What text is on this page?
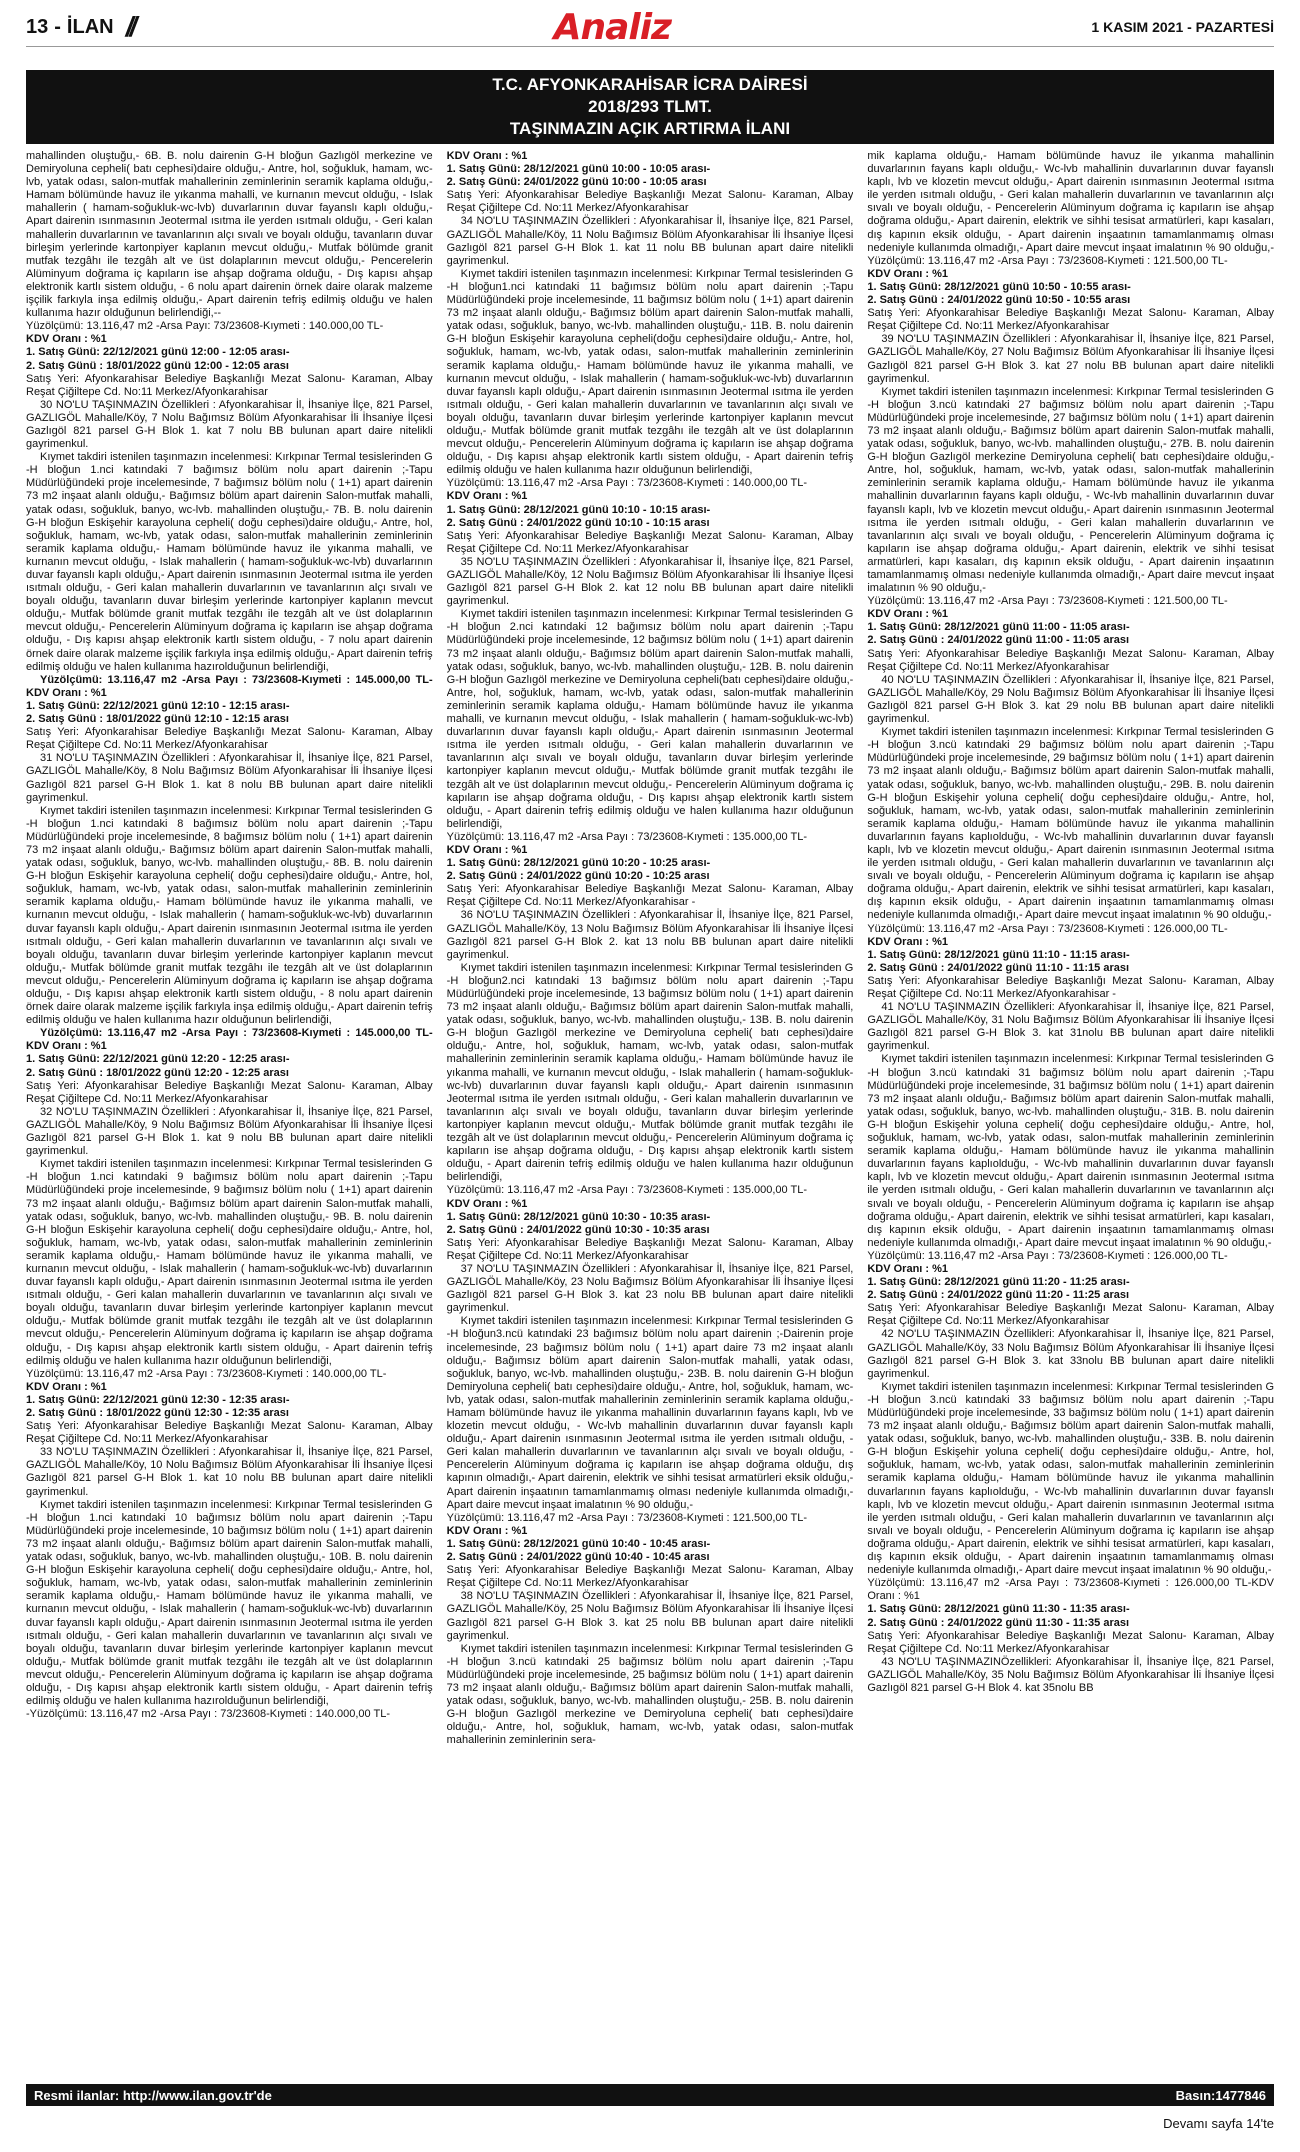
13 - İLAN //	Analiz	1 KASIM 2021 - PAZARTESİ
T.C. AFYONKARAHİSAR İCRA DAİRESİ
2018/293 TLMT.
TAŞINMAZIN AÇIK ARTIRMA İLANI

mahallinden oluştuğu,- 6B. B. nolu dairenin G-H bloğun Gazlıgöl merkezine ve Demiryoluna cepheli( batı cephesi)daire olduğu,- Antre, hol, soğukluk, hamam, wc-lvb, yatak odası, salon-mutfak mahallerinin zeminlerinin seramik kaplama olduğu,- Hamam bölümünde havuz ile yıkanma mahalli, ve kurnanın mevcut olduğu, - Islak mahallerin ( hamam-soğukluk-wc-lvb) duvarlarının duvar fayanslı kaplı olduğu,- Apart dairenin ısınmasının Jeotermal ısıtma ile yerden ısıtmalı olduğu, - Geri kalan mahallerin duvarlarının ve tavanlarının alçı sıvalı ve boyalı olduğu, tavanların duvar birleşim yerlerinde kartonpiyer kaplanın mevcut olduğu,- Mutfak bölümde granit mutfak tezgâhı ile tezgâh alt ve üst dolaplarının mevcut olduğu,- Pencerelerin Alüminyum doğrama iç kapıların ise ahşap doğrama olduğu, - Dış kapısı ahşap elektronik kartlı sistem olduğu, - 6 nolu apart dairenin örnek daire olarak malzeme işçilik farkıyla inşa edilmiş olduğu,- Apart dairenin tefriş edilmiş olduğu ve halen kullanıma hazır olduğunun belirlendiği,--

Yüzölçümü: 13.116,47 m2 -Arsa Payı: 73/23608-Kıymeti : 140.000,00 TL-

KDV Oranı : %1

1. Satış Günü: 22/12/2021 günü 12:00 - 12:05 arası-

2. Satış Günü : 18/01/2022 günü 12:00 - 12:05 arası

Satış Yeri: Afyonkarahisar Belediye Başkanlığı Mezat Salonu- Karaman, Albay Reşat Çiğiltepe Cd. No:11 Merkez/Afyonkarahisar

30 NO'LU TAŞINMAZIN Özellikleri : Afyonkarahisar İl, İhsaniye İlçe, 821 Parsel, GAZLIGÖL Mahalle/Köy, 7 Nolu Bağımsız Bölüm Afyonkarahisar İli İhsaniye İlçesi Gazlıgöl 821 parsel G-H Blok 1. kat 7 nolu BB bulunan apart daire nitelikli gayrimenkul.

Kıymet takdiri istenilen taşınmazın incelenmesi: Kırkpınar Termal tesislerinden G -H bloğun 1.nci katındaki 7 bağımsız bölüm nolu apart dairenin ;-Tapu Müdürlüğündeki proje incelemesinde, 7 bağımsız bölüm nolu ( 1+1) apart dairenin 73 m2 inşaat alanlı olduğu,- Bağımsız bölüm apart dairenin Salon-mutfak mahalli, yatak odası, soğukluk, banyo, wc-lvb. mahallinden oluştuğu,- 7B. B. nolu dairenin G-H bloğun Eskişehir karayoluna cepheli( doğu cephesi)daire olduğu,- Antre, hol, soğukluk, hamam, wc-lvb, yatak odası, salon-mutfak mahallerinin zeminlerinin seramik kaplama olduğu,- Hamam bölümünde havuz ile yıkanma mahalli, ve kurnanın mevcut olduğu, - Islak mahallerin ( hamam-soğukluk-wc-lvb) duvarlarının duvar fayanslı kaplı olduğu,- Apart dairenin ısınmasının Jeotermal ısıtma ile yerden ısıtmalı olduğu, - Geri kalan mahallerin duvarlarının ve tavanlarının alçı sıvalı ve boyalı olduğu, tavanların duvar birleşim yerlerinde kartonpiyer kaplanın mevcut olduğu,- Mutfak bölümde granit mutfak tezgâhı ile tezgâh alt ve üst dolaplarının mevcut olduğu,- Pencerelerin Alüminyum doğrama iç kapıların ise ahşap doğrama olduğu, - Dış kapısı ahşap elektronik kartlı sistem olduğu, - 7 nolu apart dairenin örnek daire olarak malzeme işçilik farkıyla inşa edilmiş olduğu,- Apart dairenin tefriş edilmiş olduğu ve halen kullanıma hazırolduğunun belirlendiği,

Yüzölçümü: 13.116,47 m2 -Arsa Payı : 73/23608-Kıymeti : 145.000,00 TL-KDV Oranı : %1

1. Satış Günü: 22/12/2021 günü 12:10 - 12:15 arası-

2. Satış Günü : 18/01/2022 günü 12:10 - 12:15 arası

Satış Yeri: Afyonkarahisar Belediye Başkanlığı Mezat Salonu- Karaman, Albay Reşat Çiğiltepe Cd. No:11 Merkez/Afyonkarahisar

31 NO'LU TAŞINMAZIN Özellikleri : Afyonkarahisar İl, İhsaniye İlçe, 821 Parsel, GAZLIGÖL Mahalle/Köy, 8 Nolu Bağımsız Bölüm Afyonkarahisar İli İhsaniye İlçesi Gazlıgöl 821 parsel G-H Blok 1. kat 8 nolu BB bulunan apart daire nitelikli gayrimenkul.

Kıymet takdiri istenilen taşınmazın incelenmesi: Kırkpınar Termal tesislerinden G -H bloğun 1.nci katındaki 8 bağımsız bölüm nolu apart dairenin ;-Tapu Müdürlüğündeki proje incelemesinde, 8 bağımsız bölüm nolu ( 1+1) apart dairenin 73 m2 inşaat alanlı olduğu,- Bağımsız bölüm apart dairenin Salon-mutfak mahalli, yatak odası, soğukluk, banyo, wc-lvb. mahallinden oluştuğu,- 8B. B. nolu dairenin G-H bloğun Eskişehir karayoluna cepheli( doğu cephesi)daire olduğu,- Antre, hol, soğukluk, hamam, wc-lvb, yatak odası, salon-mutfak mahallerinin zeminlerinin seramik kaplama olduğu,- Hamam bölümünde havuz ile yıkanma mahalli, ve kurnanın mevcut olduğu, - Islak mahallerin ( hamam-soğukluk-wc-lvb) duvarlarının duvar fayanslı kaplı olduğu,- Apart dairenin ısınmasının Jeotermal ısıtma ile yerden ısıtmalı olduğu, - Geri kalan mahallerin duvarlarının ve tavanlarının alçı sıvalı ve boyalı olduğu, tavanların duvar birleşim yerlerinde kartonpiyer kaplanın mevcut olduğu,- Mutfak bölümde granit mutfak tezgâhı ile tezgâh alt ve üst dolaplarının mevcut olduğu,- Pencerelerin Alüminyum doğrama iç kapıların ise ahşap doğrama olduğu, - Dış kapısı ahşap elektronik kartlı sistem olduğu, - 8 nolu apart dairenin örnek daire olarak malzeme işçilik farkıyla inşa edilmiş olduğu,- Apart dairenin tefriş edilmiş olduğu ve halen kullanıma hazır olduğunun belirlendiği,

Yüzölçümü: 13.116,47 m2 -Arsa Payı : 73/23608-Kıymeti : 145.000,00 TL-KDV Oranı : %1

1. Satış Günü: 22/12/2021 günü 12:20 - 12:25 arası-

2. Satış Günü : 18/01/2022 günü 12:20 - 12:25 arası

Satış Yeri: Afyonkarahisar Belediye Başkanlığı Mezat Salonu- Karaman, Albay Reşat Çiğiltepe Cd. No:11 Merkez/Afyonkarahisar

32 NO'LU TAŞINMAZIN Özellikleri : Afyonkarahisar İl, İhsaniye İlçe, 821 Parsel, GAZLIGÖL Mahalle/Köy, 9 Nolu Bağımsız Bölüm Afyonkarahisar İli İhsaniye İlçesi Gazlıgöl 821 parsel G-H Blok 1. kat 9 nolu BB bulunan apart daire nitelikli gayrimenkul.

Kıymet takdiri istenilen taşınmazın incelenmesi: Kırkpınar Termal tesislerinden G -H bloğun 1.nci katındaki 9 bağımsız bölüm nolu apart dairenin ;-Tapu Müdürlüğündeki proje incelemesinde, 9 bağımsız bölüm nolu ( 1+1) apart dairenin 73 m2 inşaat alanlı olduğu,- Bağımsız bölüm apart dairenin Salon-mutfak mahalli, yatak odası, soğukluk, banyo, wc-lvb. mahallinden oluştuğu,- 9B. B. nolu dairenin G-H bloğun Eskişehir karayoluna cepheli( doğu cephesi)daire olduğu,- Antre, hol, soğukluk, hamam, wc-lvb, yatak odası, salon-mutfak mahallerinin zeminlerinin seramik kaplama olduğu,- Hamam bölümünde havuz ile yıkanma mahalli, ve kurnanın mevcut olduğu, - Islak mahallerin ( hamam-soğukluk-wc-lvb) duvarlarının duvar fayanslı kaplı olduğu,- Apart dairenin ısınmasının Jeotermal ısıtma ile yerden ısıtmalı olduğu, - Geri kalan mahallerin duvarlarının ve tavanlarının alçı sıvalı ve boyalı olduğu, tavanların duvar birleşim yerlerinde kartonpiyer kaplanın mevcut olduğu,- Mutfak bölümde granit mutfak tezgâhı ile tezgâh alt ve üst dolaplarının mevcut olduğu,- Pencerelerin Alüminyum doğrama iç kapıların ise ahşap doğrama olduğu, - Dış kapısı ahşap elektronik kartlı sistem olduğu, - Apart dairenin tefriş edilmiş olduğu ve halen kullanıma hazır olduğunun belirlendiği,

Yüzölçümü: 13.116,47 m2 -Arsa Payı : 73/23608-Kıymeti : 140.000,00 TL-

KDV Oranı : %1

1. Satış Günü: 22/12/2021 günü 12:30 - 12:35 arası-

2. Satış Günü : 18/01/2022 günü 12:30 - 12:35 arası

Satış Yeri: Afyonkarahisar Belediye Başkanlığı Mezat Salonu- Karaman, Albay Reşat Çiğiltepe Cd. No:11 Merkez/Afyonkarahisar

33 NO'LU TAŞINMAZIN Özellikleri : Afyonkarahisar İl, İhsaniye İlçe, 821 Parsel, GAZLIGÖL Mahalle/Köy, 10 Nolu Bağımsız Bölüm Afyonkarahisar İli İhsaniye İlçesi Gazlıgöl 821 parsel G-H Blok 1. kat 10 nolu BB bulunan apart daire nitelikli gayrimenkul.

Kıymet takdiri istenilen taşınmazın incelenmesi: Kırkpınar Termal tesislerinden G -H bloğun 1.nci katındaki 10 bağımsız bölüm nolu apart dairenin ;-Tapu Müdürlüğündeki proje incelemesinde, 10 bağımsız bölüm nolu ( 1+1) apart dairenin 73 m2 inşaat alanlı olduğu,- Bağımsız bölüm apart dairenin Salon-mutfak mahalli, yatak odası, soğukluk, banyo, wc-lvb. mahallinden oluştuğu,- 10B. B. nolu dairenin G-H bloğun Eskişehir karayoluna cepheli( doğu cephesi)daire olduğu,- Antre, hol, soğukluk, hamam, wc-lvb, yatak odası, salon-mutfak mahallerinin zeminlerinin seramik kaplama olduğu,- Hamam bölümünde havuz ile yıkanma mahalli, ve kurnanın mevcut olduğu, - Islak mahallerin ( hamam-soğukluk-wc-lvb) duvarlarının duvar fayanslı kaplı olduğu,- Apart dairenin ısınmasının Jeotermal ısıtma ile yerden ısıtmalı olduğu, - Geri kalan mahallerin duvarlarının ve tavanlarının alçı sıvalı ve boyalı olduğu, tavanların duvar birleşim yerlerinde kartonpiyer kaplanın mevcut olduğu,- Mutfak bölümde granit mutfak tezgâhı ile tezgâh alt ve üst dolaplarının mevcut olduğu,- Pencerelerin Alüminyum doğrama iç kapıların ise ahşap doğrama olduğu, - Dış kapısı ahşap elektronik kartlı sistem olduğu, - Apart dairenin tefriş edilmiş olduğu ve halen kullanıma hazırolduğunun belirlendiği,

-Yüzölçümü: 13.116,47 m2 -Arsa Payı : 73/23608-Kıymeti : 140.000,00 TL-

KDV Oranı : %1

1. Satış Günü: 28/12/2021 günü 10:00 - 10:05 arası-

2. Satış Günü: 24/01/2022 günü 10:00 - 10:05 arası

Satış Yeri: Afyonkarahisar Belediye Başkanlığı Mezat Salonu- Karaman, Albay Reşat Çiğiltepe Cd. No:11 Merkez/Afyonkarahisar

34 NO'LU TAŞINMAZIN Özellikleri : Afyonkarahisar İl, İhsaniye İlçe, 821 Parsel, GAZLIGÖL Mahalle/Köy, 11 Nolu Bağımsız Bölüm Afyonkarahisar İli İhsaniye İlçesi Gazlıgöl 821 parsel G-H Blok 1. kat 11 nolu BB bulunan apart daire nitelikli gayrimenkul.

Kıymet takdiri istenilen taşınmazın incelenmesi: Kırkpınar Termal tesislerinden G -H bloğun1.nci katındaki 11 bağımsız bölüm nolu apart dairenin ;-Tapu Müdürlüğündeki proje incelemesinde, 11 bağımsız bölüm nolu ( 1+1) apart dairenin 73 m2 inşaat alanlı olduğu,- Bağımsız bölüm apart dairenin Salon-mutfak mahalli, yatak odası, soğukluk, banyo, wc-lvb. mahallinden oluştuğu,- 11B. B. nolu dairenin G-H bloğun Eskişehir karayoluna cepheli(doğu cephesi)daire olduğu,- Antre, hol, soğukluk, hamam, wc-lvb, yatak odası, salon-mutfak mahallerinin zeminlerinin seramik kaplama olduğu,- Hamam bölümünde havuz ile yıkanma mahalli, ve kurnanın mevcut olduğu, - Islak mahallerin ( hamam-soğukluk-wc-lvb) duvarlarının duvar fayanslı kaplı olduğu,- Apart dairenin ısınmasının Jeotermal ısıtma ile yerden ısıtmalı olduğu, - Geri kalan mahallerin duvarlarının ve tavanlarının alçı sıvalı ve boyalı olduğu, tavanların duvar birleşim yerlerinde kartonpiyer kaplanın mevcut olduğu,- Mutfak bölümde granit mutfak tezgâhı ile tezgâh alt ve üst dolaplarının mevcut olduğu,- Pencerelerin Alüminyum doğrama iç kapıların ise ahşap doğrama olduğu, - Dış kapısı ahşap elektronik kartlı sistem olduğu, - Apart dairenin tefriş edilmiş olduğu ve halen kullanıma hazır olduğunun belirlendiği,

Yüzölçümü: 13.116,47 m2 -Arsa Payı : 73/23608-Kıymeti : 140.000,00 TL-

KDV Oranı : %1

1. Satış Günü: 28/12/2021 günü 10:10 - 10:15 arası-

2. Satış Günü : 24/01/2022 günü 10:10 - 10:15 arası

Satış Yeri: Afyonkarahisar Belediye Başkanlığı Mezat Salonu- Karaman, Albay Reşat Çiğiltepe Cd. No:11 Merkez/Afyonkarahisar

35 NO'LU TAŞINMAZIN Özellikleri : Afyonkarahisar İl, İhsaniye İlçe, 821 Parsel, GAZLIGÖL Mahalle/Köy, 12 Nolu Bağımsız Bölüm Afyonkarahisar İli İhsaniye İlçesi Gazlıgöl 821 parsel G-H Blok 2. kat 12 nolu BB bulunan apart daire nitelikli gayrimenkul.

Kıymet takdiri istenilen taşınmazın incelenmesi: Kırkpınar Termal tesislerinden G -H bloğun 2.nci katındaki 12 bağımsız bölüm nolu apart dairenin ;-Tapu Müdürlüğündeki proje incelemesinde, 12 bağımsız bölüm nolu ( 1+1) apart dairenin 73 m2 inşaat alanlı olduğu,- Bağımsız bölüm apart dairenin Salon-mutfak mahalli, yatak odası, soğukluk, banyo, wc-lvb. mahallinden oluştuğu,- 12B. B. nolu dairenin G-H bloğun Gazlıgöl merkezine ve Demiryoluna cepheli(batı cephesi)daire olduğu,- Antre, hol, soğukluk, hamam, wc-lvb, yatak odası, salon-mutfak mahallerinin zeminlerinin seramik kaplama olduğu,- Hamam bölümünde havuz ile yıkanma mahalli, ve kurnanın mevcut olduğu, - Islak mahallerin ( hamam-soğukluk-wc-lvb) duvarlarının duvar fayanslı kaplı olduğu,- Apart dairenin ısınmasının Jeotermal ısıtma ile yerden ısıtmalı olduğu, - Geri kalan mahallerin duvarlarının ve tavanlarının alçı sıvalı ve boyalı olduğu, tavanların duvar birleşim yerlerinde kartonpiyer kaplanın mevcut olduğu,- Mutfak bölümde granit mutfak tezgâhı ile tezgâh alt ve üst dolaplarının mevcut olduğu,- Pencerelerin Alüminyum doğrama iç kapıların ise ahşap doğrama olduğu, - Dış kapısı ahşap elektronik kartlı sistem olduğu, - Apart dairenin tefriş edilmiş olduğu ve halen kullanıma hazır olduğunun belirlendiği,

Yüzölçümü: 13.116,47 m2 -Arsa Payı : 73/23608-Kıymeti : 135.000,00 TL-

KDV Oranı : %1

1. Satış Günü: 28/12/2021 günü 10:20 - 10:25 arası-

2. Satış Günü : 24/01/2022 günü 10:20 - 10:25 arası

Satış Yeri: Afyonkarahisar Belediye Başkanlığı Mezat Salonu- Karaman, Albay Reşat Çiğiltepe Cd. No:11 Merkez/Afyonkarahisar -

36 NO'LU TAŞINMAZIN Özellikleri : Afyonkarahisar İl, İhsaniye İlçe, 821 Parsel, GAZLIGÖL Mahalle/Köy, 13 Nolu Bağımsız Bölüm Afyonkarahisar İli İhsaniye İlçesi Gazlıgöl 821 parsel G-H Blok 2. kat 13 nolu BB bulunan apart daire nitelikli gayrimenkul.

Kıymet takdiri istenilen taşınmazın incelenmesi: Kırkpınar Termal tesislerinden G -H bloğun2.nci katındaki 13 bağımsız bölüm nolu apart dairenin ;-Tapu Müdürlüğündeki proje incelemesinde, 13 bağımsız bölüm nolu ( 1+1) apart dairenin 73 m2 inşaat alanlı olduğu,- Bağımsız bölüm apart dairenin Salon-mutfak mahalli, yatak odası, soğukluk, banyo, wc-lvb. mahallinden oluştuğu,- 13B. B. nolu dairenin G-H bloğun Gazlıgöl merkezine ve Demiryoluna cepheli( batı cephesi)daire olduğu,- Antre, hol, soğukluk, hamam, wc-lvb, yatak odası, salon-mutfak mahallerinin zeminlerinin seramik kaplama olduğu,- Hamam bölümünde havuz ile yıkanma mahalli, ve kurnanın mevcut olduğu, - Islak mahallerin ( hamam-soğukluk-wc-lvb) duvarlarının duvar fayanslı kaplı olduğu,- Apart dairenin ısınmasının Jeotermal ısıtma ile yerden ısıtmalı olduğu, - Geri kalan mahallerin duvarlarının ve tavanlarının alçı sıvalı ve boyalı olduğu, tavanların duvar birleşim yerlerinde kartonpiyer kaplanın mevcut olduğu,- Mutfak bölümde granit mutfak tezgâhı ile tezgâh alt ve üst dolaplarının mevcut olduğu,- Pencerelerin Alüminyum doğrama iç kapıların ise ahşap doğrama olduğu, - Dış kapısı ahşap elektronik kartlı sistem olduğu, - Apart dairenin tefriş edilmiş olduğu ve halen kullanıma hazır olduğunun belirlendiği,

Yüzölçümü: 13.116,47 m2 -Arsa Payı : 73/23608-Kıymeti : 135.000,00 TL-

KDV Oranı : %1

1. Satış Günü: 28/12/2021 günü 10:30 - 10:35 arası-

2. Satış Günü : 24/01/2022 günü 10:30 - 10:35 arası

Satış Yeri: Afyonkarahisar Belediye Başkanlığı Mezat Salonu- Karaman, Albay Reşat Çiğiltepe Cd. No:11 Merkez/Afyonkarahisar

37 NO'LU TAŞINMAZIN Özellikleri : Afyonkarahisar İl, İhsaniye İlçe, 821 Parsel, GAZLIGÖL Mahalle/Köy, 23 Nolu Bağımsız Bölüm Afyonkarahisar İli İhsaniye İlçesi Gazlıgöl 821 parsel G-H Blok 3. kat 23 nolu BB bulunan apart daire nitelikli gayrimenkul.

Kıymet takdiri istenilen taşınmazın incelenmesi: Kırkpınar Termal tesislerinden G -H bloğun3.ncü katındaki 23 bağımsız bölüm nolu apart dairenin ;-Dairenin proje incelemesinde, 23 bağımsız bölüm nolu ( 1+1) apart daire 73 m2 inşaat alanlı olduğu,- Bağımsız bölüm apart dairenin Salon-mutfak mahalli, yatak odası, soğukluk, banyo, wc-lvb. mahallinden oluştuğu,- 23B. B. nolu dairenin G-H bloğun Demiryoluna cepheli( batı cephesi)daire olduğu,- Antre, hol, soğukluk, hamam, wc-lvb, yatak odası, salon-mutfak mahallerinin zeminlerinin seramik kaplama olduğu,- Hamam bölümünde havuz ile yıkanma mahallinin duvarlarının fayans kaplı, lvb ve klozetin mevcut olduğu, - Wc-lvb mahallinin duvarlarının duvar fayanslı kaplı olduğu,- Apart dairenin ısınmasının Jeotermal ısıtma ile yerden ısıtmalı olduğu, - Geri kalan mahallerin duvarlarının ve tavanlarının alçı sıvalı ve boyalı olduğu, - Pencerelerin Alüminyum doğrama iç kapıların ise ahşap doğrama olduğu, dış kapının olmadığı,- Apart dairenin, elektrik ve sihhi tesisat armatürleri eksik olduğu,- Apart dairenin inşaatının tamamlanmamış olması nedeniyle kullanımda olmadığı,- Apart daire mevcut inşaat imalatının % 90 olduğu,-

Yüzölçümü: 13.116,47 m2 -Arsa Payı : 73/23608-Kıymeti : 121.500,00 TL-

KDV Oranı : %1

1. Satış Günü: 28/12/2021 günü 10:40 - 10:45 arası-

2. Satış Günü : 24/01/2022 günü 10:40 - 10:45 arası

Satış Yeri: Afyonkarahisar Belediye Başkanlığı Mezat Salonu- Karaman, Albay Reşat Çiğiltepe Cd. No:11 Merkez/Afyonkarahisar

38 NO'LU TAŞINMAZIN Özellikleri : Afyonkarahisar İl, İhsaniye İlçe, 821 Parsel, GAZLIGÖL Mahalle/Köy, 25 Nolu Bağımsız Bölüm Afyonkarahisar İli İhsaniye İlçesi Gazlıgöl 821 parsel G-H Blok 3. kat 25 nolu BB bulunan apart daire nitelikli gayrimenkul.

Kıymet takdiri istenilen taşınmazın incelenmesi: Kırkpınar Termal tesislerinden G -H bloğun 3.ncü katındaki 25 bağımsız bölüm nolu apart dairenin ;-Tapu Müdürlüğündeki proje incelemesinde, 25 bağımsız bölüm nolu ( 1+1) apart dairenin 73 m2 inşaat alanlı olduğu,- Bağımsız bölüm apart dairenin Salon-mutfak mahalli, yatak odası, soğukluk, banyo, wc-lvb. mahallinden oluştuğu,- 25B. B. nolu dairenin G-H bloğun Gazlıgöl merkezine ve Demiryoluna cepheli( batı cephesi)daire olduğu,- Antre, hol, soğukluk, hamam, wc-lvb, yatak odası, salon-mutfak mahallerinin zeminlerinin sera-

mik kaplama olduğu,- Hamam bölümünde havuz ile yıkanma mahallinin duvarlarının fayans kaplı olduğu,- Wc-lvb mahallinin duvarlarının duvar fayanslı kaplı, lvb ve klozetin mevcut olduğu,- Apart dairenin ısınmasının Jeotermal ısıtma ile yerden ısıtmalı olduğu, - Geri kalan mahallerin duvarlarının ve tavanlarının alçı sıvalı ve boyalı olduğu, - Pencerelerin Alüminyum doğrama iç kapıların ise ahşap doğrama olduğu,- Apart dairenin, elektrik ve sihhi tesisat armatürleri, kapı kasaları, dış kapının eksik olduğu, - Apart dairenin inşaatının tamamlanmamış olması nedeniyle kullanımda olmadığı,- Apart daire mevcut inşaat imalatının % 90 olduğu,-Yüzölçümü: 13.116,47 m2 -Arsa Payı : 73/23608-Kıymeti : 121.500,00 TL-

KDV Oranı : %1

1. Satış Günü: 28/12/2021 günü 10:50 - 10:55 arası-

2. Satış Günü : 24/01/2022 günü 10:50 - 10:55 arası

Satış Yeri: Afyonkarahisar Belediye Başkanlığı Mezat Salonu- Karaman, Albay Reşat Çiğiltepe Cd. No:11 Merkez/Afyonkarahisar

39 NO'LU TAŞINMAZIN Özellikleri : Afyonkarahisar İl, İhsaniye İlçe, 821 Parsel, GAZLIGÖL Mahalle/Köy, 27 Nolu Bağımsız Bölüm Afyonkarahisar İli İhsaniye İlçesi Gazlıgöl 821 parsel G-H Blok 3. kat 27 nolu BB bulunan apart daire nitelikli gayrimenkul.

Kıymet takdiri istenilen taşınmazın incelenmesi: Kırkpınar Termal tesislerinden G -H bloğun 3.ncü katındaki 27 bağımsız bölüm nolu apart dairenin ;-Tapu Müdürlüğündeki proje incelemesinde, 27 bağımsız bölüm nolu ( 1+1) apart dairenin 73 m2 inşaat alanlı olduğu,- Bağımsız bölüm apart dairenin Salon-mutfak mahalli, yatak odası, soğukluk, banyo, wc-lvb. mahallinden oluştuğu,- 27B. B. nolu dairenin G-H bloğun Gazlıgöl merkezine Demiryoluna cepheli( batı cephesi)daire olduğu,- Antre, hol, soğukluk, hamam, wc-lvb, yatak odası, salon-mutfak mahallerinin zeminlerinin seramik kaplama olduğu,- Hamam bölümünde havuz ile yıkanma mahallinin duvarlarının fayans kaplı olduğu, - Wc-lvb mahallinin duvarlarının duvar fayanslı kaplı, lvb ve klozetin mevcut olduğu,- Apart dairenin ısınmasının Jeotermal ısıtma ile yerden ısıtmalı olduğu, - Geri kalan mahallerin duvarlarının ve tavanlarının alçı sıvalı ve boyalı olduğu, - Pencerelerin Alüminyum doğrama iç kapıların ise ahşap doğrama olduğu,- Apart dairenin, elektrik ve sihhi tesisat armatürleri, kapı kasaları, dış kapının eksik olduğu, - Apart dairenin inşaatının tamamlanmamış olması nedeniyle kullanımda olmadığı,- Apart daire mevcut inşaat imalatının % 90 olduğu,-

Yüzölçümü: 13.116,47 m2 -Arsa Payı : 73/23608-Kıymeti : 121.500,00 TL-

KDV Oranı : %1

1. Satış Günü: 28/12/2021 günü 11:00 - 11:05 arası-

2. Satış Günü : 24/01/2022 günü 11:00 - 11:05 arası

Satış Yeri: Afyonkarahisar Belediye Başkanlığı Mezat Salonu- Karaman, Albay Reşat Çiğiltepe Cd. No:11 Merkez/Afyonkarahisar

40 NO'LU TAŞINMAZIN Özellikleri : Afyonkarahisar İl, İhsaniye İlçe, 821 Parsel, GAZLIGÖL Mahalle/Köy, 29 Nolu Bağımsız Bölüm Afyonkarahisar İli İhsaniye İlçesi Gazlıgöl 821 parsel G-H Blok 3. kat 29 nolu BB bulunan apart daire nitelikli gayrimenkul.

Kıymet takdiri istenilen taşınmazın incelenmesi: Kırkpınar Termal tesislerinden G -H bloğun 3.ncü katındaki 29 bağımsız bölüm nolu apart dairenin ;-Tapu Müdürlüğündeki proje incelemesinde, 29 bağımsız bölüm nolu ( 1+1) apart dairenin 73 m2 inşaat alanlı olduğu,- Bağımsız bölüm apart dairenin Salon-mutfak mahalli, yatak odası, soğukluk, banyo, wc-lvb. mahallinden oluştuğu,- 29B. B. nolu dairenin G-H bloğun Eskişehir yoluna cepheli( doğu cephesi)daire olduğu,- Antre, hol, soğukluk, hamam, wc-lvb, yatak odası, salon-mutfak mahallerinin zeminlerinin seramik kaplama olduğu,- Hamam bölümünde havuz ile yıkanma mahallinin duvarlarının fayans kaplıolduğu, - Wc-lvb mahallinin duvarlarının duvar fayanslı kaplı, lvb ve klozetin mevcut olduğu,- Apart dairenin ısınmasının Jeotermal ısıtma ile yerden ısıtmalı olduğu, - Geri kalan mahallerin duvarlarının ve tavanlarının alçı sıvalı ve boyalı olduğu, - Pencerelerin Alüminyum doğrama iç kapıların ise ahşap doğrama olduğu,- Apart dairenin, elektrik ve sihhi tesisat armatürleri, kapı kasaları, dış kapının eksik olduğu, - Apart dairenin inşaatının tamamlanmamış olması nedeniyle kullanımda olmadığı,- Apart daire mevcut inşaat imalatının % 90 olduğu,-

Yüzölçümü: 13.116,47 m2 -Arsa Payı : 73/23608-Kıymeti : 126.000,00 TL-

KDV Oranı : %1

1. Satış Günü: 28/12/2021 günü 11:10 - 11:15 arası-

2. Satış Günü : 24/01/2022 günü 11:10 - 11:15 arası

Satış Yeri: Afyonkarahisar Belediye Başkanlığı Mezat Salonu- Karaman, Albay Reşat Çiğiltepe Cd. No:11 Merkez/Afyonkarahisar -

41 NO'LU TAŞINMAZIN Özellikleri: Afyonkarahisar İl, İhsaniye İlçe, 821 Parsel, GAZLIGÖL Mahalle/Köy, 31 Nolu Bağımsız Bölüm Afyonkarahisar İli İhsaniye İlçesi Gazlıgöl 821 parsel G-H Blok 3. kat 31nolu BB bulunan apart daire nitelikli gayrimenkul.

Kıymet takdiri istenilen taşınmazın incelenmesi: Kırkpınar Termal tesislerinden G -H bloğun 3.ncü katındaki 31 bağımsız bölüm nolu apart dairenin ;-Tapu Müdürlüğündeki proje incelemesinde, 31 bağımsız bölüm nolu ( 1+1) apart dairenin 73 m2 inşaat alanlı olduğu,- Bağımsız bölüm apart dairenin Salon-mutfak mahalli, yatak odası, soğukluk, banyo, wc-lvb. mahallinden oluştuğu,- 31B. B. nolu dairenin G-H bloğun Eskişehir yoluna cepheli( doğu cephesi)daire olduğu,- Antre, hol, soğukluk, hamam, wc-lvb, yatak odası, salon-mutfak mahallerinin zeminlerinin seramik kaplama olduğu,- Hamam bölümünde havuz ile yıkanma mahallinin duvarlarının fayans kaplıolduğu, - Wc-lvb mahallinin duvarlarının duvar fayanslı kaplı, lvb ve klozetin mevcut olduğu,- Apart dairenin ısınmasının Jeotermal ısıtma ile yerden ısıtmalı olduğu, - Geri kalan mahallerin duvarlarının ve tavanlarının alçı sıvalı ve boyalı olduğu, - Pencerelerin Alüminyum doğrama iç kapıların ise ahşap doğrama olduğu,- Apart dairenin, elektrik ve sihhi tesisat armatürleri, kapı kasaları, dış kapının eksik olduğu, - Apart dairenin inşaatının tamamlanmamış olması nedeniyle kullanımda olmadığı,- Apart daire mevcut inşaat imalatının % 90 olduğu,-

Yüzölçümü: 13.116,47 m2 -Arsa Payı : 73/23608-Kıymeti : 126.000,00 TL-

KDV Oranı : %1

1. Satış Günü: 28/12/2021 günü 11:20 - 11:25 arası-

2. Satış Günü : 24/01/2022 günü 11:20 - 11:25 arası

Satış Yeri: Afyonkarahisar Belediye Başkanlığı Mezat Salonu- Karaman, Albay Reşat Çiğiltepe Cd. No:11 Merkez/Afyonkarahisar

42 NO'LU TAŞINMAZIN Özellikleri: Afyonkarahisar İl, İhsaniye İlçe, 821 Parsel, GAZLIGÖL Mahalle/Köy, 33 Nolu Bağımsız Bölüm Afyonkarahisar İli İhsaniye İlçesi Gazlıgöl 821 parsel G-H Blok 3. kat 33nolu BB bulunan apart daire nitelikli gayrimenkul.

Kıymet takdiri istenilen taşınmazın incelenmesi: Kırkpınar Termal tesislerinden G -H bloğun 3.ncü katındaki 33 bağımsız bölüm nolu apart dairenin ;-Tapu Müdürlüğündeki proje incelemesinde, 33 bağımsız bölüm nolu ( 1+1) apart dairenin 73 m2 inşaat alanlı olduğu,- Bağımsız bölüm apart dairenin Salon-mutfak mahalli, yatak odası, soğukluk, banyo, wc-lvb. mahallinden oluştuğu,- 33B. B. nolu dairenin G-H bloğun Eskişehir yoluna cepheli( doğu cephesi)daire olduğu,- Antre, hol, soğukluk, hamam, wc-lvb, yatak odası, salon-mutfak mahallerinin zeminlerinin seramik kaplama olduğu,- Hamam bölümünde havuz ile yıkanma mahallinin duvarlarının fayans kaplıolduğu, - Wc-lvb mahallinin duvarlarının duvar fayanslı kaplı, lvb ve klozetin mevcut olduğu,- Apart dairenin ısınmasının Jeotermal ısıtma ile yerden ısıtmalı olduğu, - Geri kalan mahallerin duvarlarının ve tavanlarının alçı sıvalı ve boyalı olduğu, - Pencerelerin Alüminyum doğrama iç kapıların ise ahşap doğrama olduğu,- Apart dairenin, elektrik ve sihhi tesisat armatürleri, kapı kasaları, dış kapının eksik olduğu, - Apart dairenin inşaatının tamamlanmamış olması nedeniyle kullanımda olmadığı,- Apart daire mevcut inşaat imalatının % 90 olduğu,-

Yüzölçümü: 13.116,47 m2 -Arsa Payı : 73/23608-Kıymeti : 126.000,00 TL-KDV Oranı : %1

1. Satış Günü: 28/12/2021 günü 11:30 - 11:35 arası-

2. Satış Günü : 24/01/2022 günü 11:30 - 11:35 arası

Satış Yeri: Afyonkarahisar Belediye Başkanlığı Mezat Salonu- Karaman, Albay Reşat Çiğiltepe Cd. No:11 Merkez/Afyonkarahisar

43 NO'LU TAŞINMAZINÖzellikleri: Afyonkarahisar İl, İhsaniye İlçe, 821 Parsel, GAZLIGÖL Mahalle/Köy, 35 Nolu Bağımsız Bölüm Afyonkarahisar İli İhsaniye İlçesi Gazlıgöl 821 parsel G-H Blok 4. kat 35nolu BB

Resmi ilanlar: http://www.ilan.gov.tr'de	Basın:1477846
Devamı sayfa 14'te
